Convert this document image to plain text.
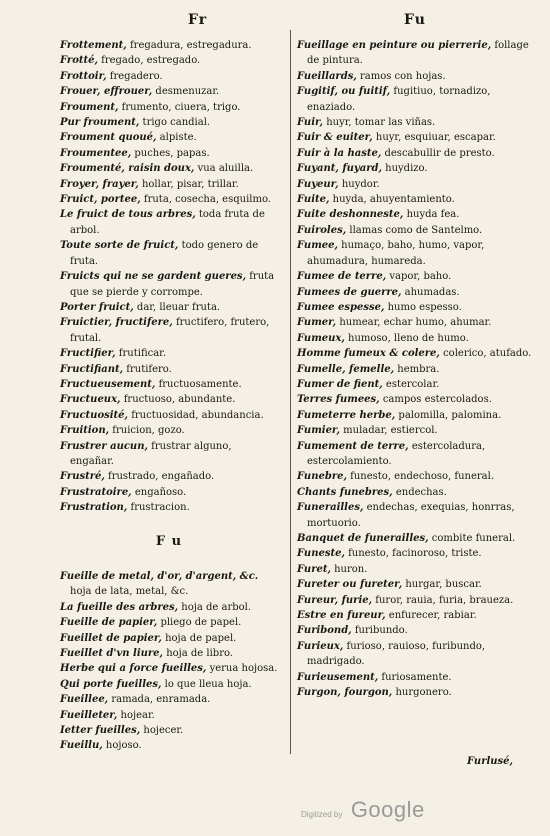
Fr	Fu

Frottement, fregadura, estregadura.

Frotté, fregado, estregado.

Frottoir, fregadero.

Frouer, effrouer, desmenuzar.

Froument, frumento, ciuera, trigo.

Pur froument, trigo candial.

Froument quoué, alpiste.

Froumentee, puches, papas.

Froumenté, raisin doux, vua aluilla.

Froyer, frayer, hollar, pisar, trillar.

Fruict, portee, fruta, cosecha, esquilmo.

Le fruict de tous arbres, toda fruta de arbol.

Toute sorte de fruict, todo genero de fruta.

Fruicts qui ne se gardent gueres, fruta que se pierde y corrompe.

Porter fruict, dar, lleuar fruta.

Fruictier, fructifere, fructifero, frutero, frutal.

Fructifier, frutificar.

Fructifiant, frutifero.

Fructueusement, fructuosamente.

Fructueux, fructuoso, abundante.

Fructuosité, fructuosidad, abundancia.

Fruition, fruicion, gozo.

Frustrer aucun, frustrar alguno, engañar.

Frustré, frustrado, engañado.

Frustratoire, engañoso.

Frustration, frustracion.

F u

Fueille de metal, d'or, d'argent, &c. hoja de lata, metal, &c.

La fueille des arbres, hoja de arbol.

Fueille de papier, pliego de papel.

Fueillet de papier, hoja de papel.

Fueillet d'vn liure, hoja de libro.

Herbe qui a force fueilles, yerua hojosa.

Qui porte fueilles, lo que lleua hoja.

Fueillee, ramada, enramada.

Fueilleter, hojear.

Ietter fueilles, hojecer.

Fueillu, hojoso.

Fueillage en peinture ou pierrerie, follage de pintura.

Fueillards, ramos con hojas.

Fugitif, ou fuitif, fugitiuo, tornadizo, enaziado.

Fuir, huyr, tomar las viñas.

Fuir & euiter, huyr, esquiuar, escapar.

Fuir à la haste, descabullir de presto.

Fuyant, fuyard, huydizo.

Fuyeur, huydor.

Fuite, huyda, ahuyentamiento.

Fuite deshonneste, huyda fea.

Fuiroles, llamas como de Santelmo.

Fumee, humaço, baho, humo, vapor, ahumadura, humareda.

Fumee de terre, vapor, baho.

Fumees de guerre, ahumadas.

Fumee espesse, humo espesso.

Fumer, humear, echar humo, ahumar.

Fumeux, humoso, lleno de humo.

Homme fumeux & colere, colerico, atufado.

Fumelle, femelle, hembra.

Fumer de fient, estercolar.

Terres fumees, campos estercolados.

Fumeterre herbe, palomilla, palomina.

Fumier, muladar, estiercol.

Fumement de terre, estercoladura, estercolamiento.

Funebre, funesto, endechoso, funeral.

Chants funebres, endechas.

Funerailles, endechas, exequias, honrras, mortuorio.

Banquet de funerailles, combite funeral.

Funeste, funesto, facinoroso, triste.

Furet, huron.

Fureter ou fureter, hurgar, buscar.

Fureur, furie, furor, rauia, furia, braueza.

Estre en fureur, enfurecer, rabiar.

Furibond, furibundo.

Furieux, furioso, rauioso, furibundo, madrigado.

Furieusement, furiosamente.

Furgon, fourgon, hurgonero.

Furlusé,
Digitized by Google
